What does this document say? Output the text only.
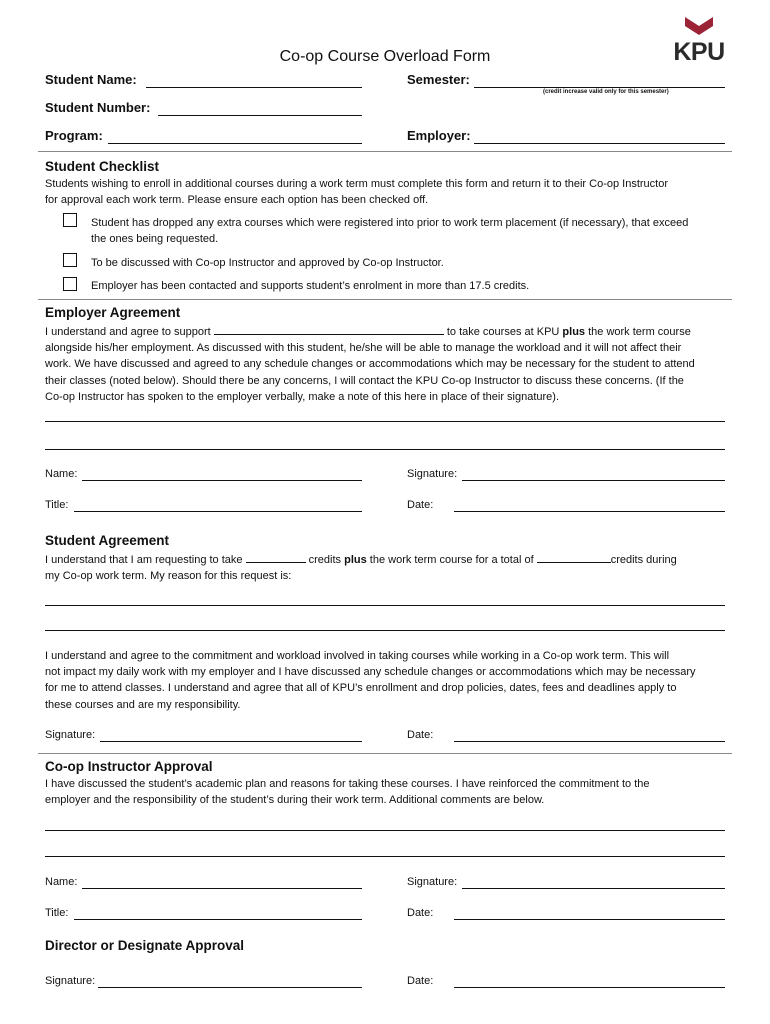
KPU
Co-op Course Overload Form
Student Name:	Semester:
(credit increase valid only for this semester)
Student Number:
Program:	Employer:
Student Checklist
Students wishing to enroll in additional courses during a work term must complete this form and return it to their Co-op Instructor
for approval each work term. Please ensure each option has been checked off.
Student has dropped any extra courses which were registered into prior to work term placement (if necessary), that exceed
the ones being requested.
To be discussed with Co-op Instructor and approved by Co-op Instructor.
Employer has been contacted and supports student’s enrolment in more than 17.5 credits.
Employer Agreement
I understand and agree to support	to take courses at KPU plus the work term course
alongside his/her employment. As discussed with this student, he/she will be able to manage the workload and it will not affect their
work. We have discussed and agreed to any schedule changes or accommodations which may be necessary for the student to attend
their classes (noted below). Should there be any concerns, I will contact the KPU Co-op Instructor to discuss these concerns. (If the
Co-op Instructor has spoken to the employer verbally, make a note of this here in place of their signature).
Name:	Signature:
Title:	Date:
Student Agreement
I understand that I am requesting to take	credits plus the work term course for a total of	credits during
my Co-op work term. My reason for this request is:
I understand and agree to the commitment and workload involved in taking courses while working in a Co-op work term. This will
not impact my daily work with my employer and I have discussed any schedule changes or accommodations which may be necessary
for me to attend classes. I understand and agree that all of KPU’s enrollment and drop policies, dates, fees and deadlines apply to
these courses and are my responsibility.
Signature:	Date:
Co-op Instructor Approval
I have discussed the student’s academic plan and reasons for taking these courses. I have reinforced the commitment to the
employer and the responsibility of the student’s during their work term. Additional comments are below.
Name:	Signature:
Title:	Date:
Director or Designate Approval
Signature:	Date:
